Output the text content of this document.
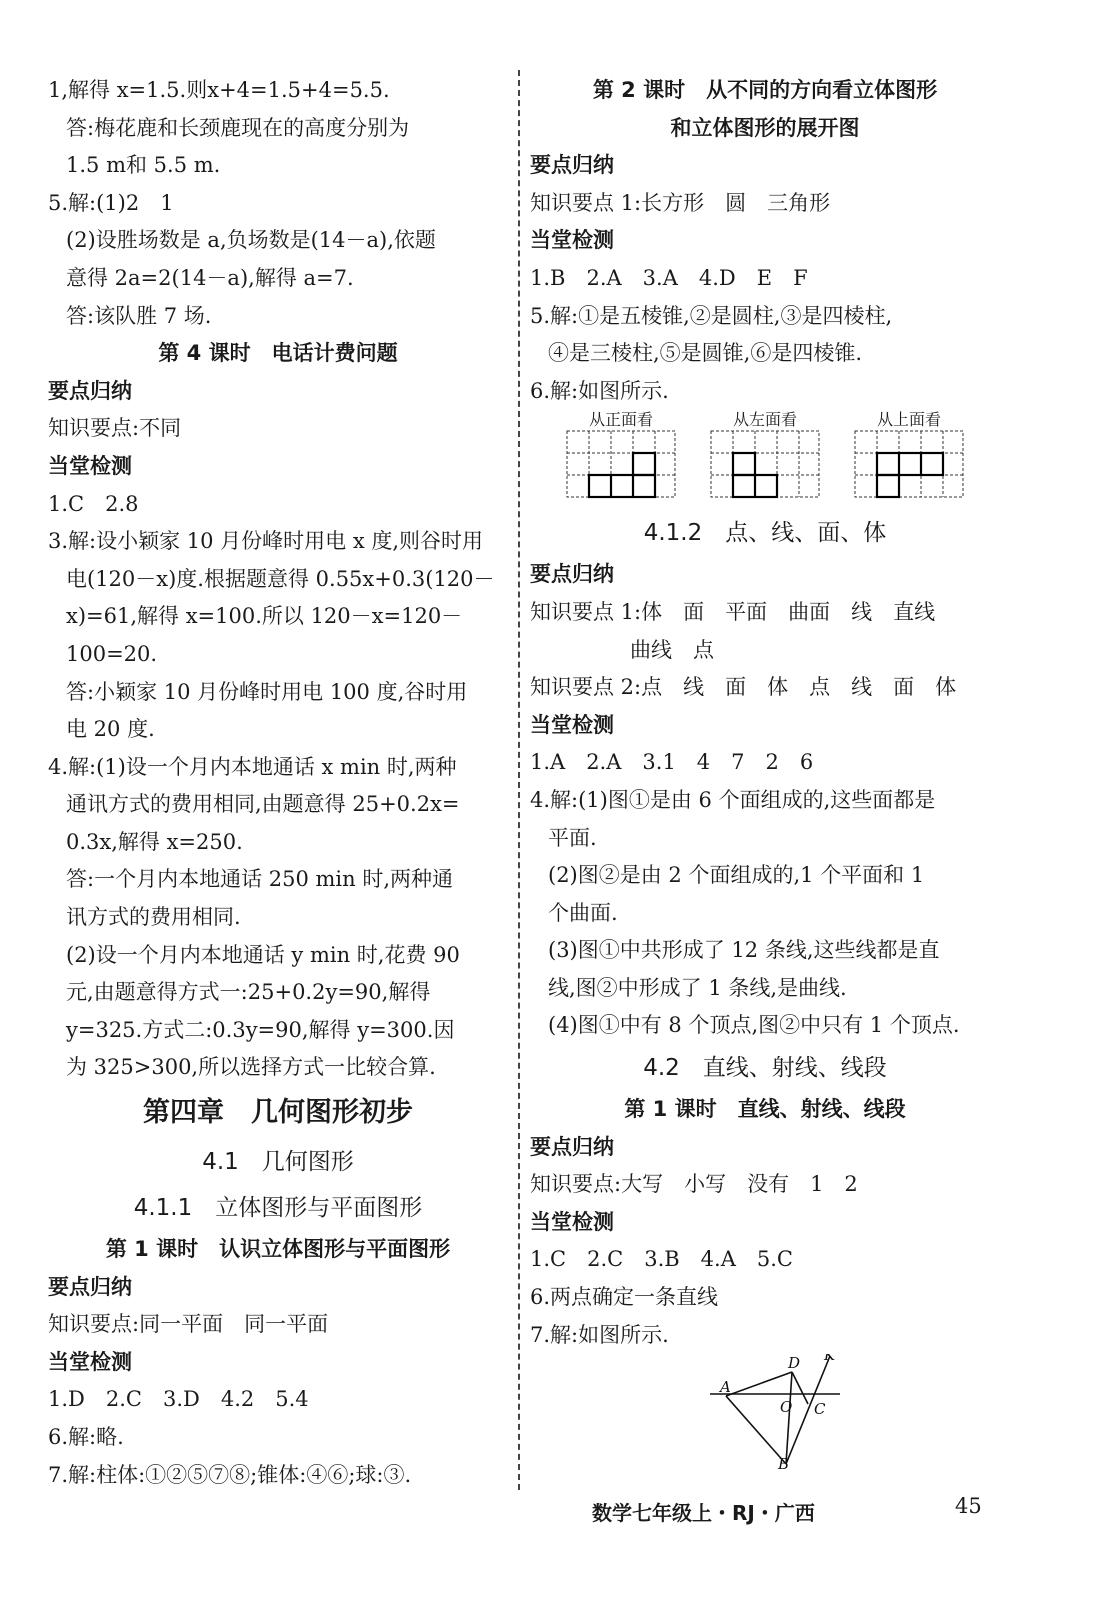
1,解得 x=1.5.则x+4=1.5+4=5.5.
答:梅花鹿和长颈鹿现在的高度分别为
1.5 m和 5.5 m.
5.解:(1)2　1
(2)设胜场数是 a,负场数是(14－a),依题
意得 2a=2(14－a),解得 a=7.
答:该队胜 7 场.
第 4 课时　电话计费问题
要点归纳
知识要点:不同
当堂检测
1.C　2.8
3.解:设小颖家 10 月份峰时用电 x 度,则谷时用
电(120－x)度.根据题意得 0.55x+0.3(120－
x)=61,解得 x=100.所以 120－x=120－
100=20.
答:小颖家 10 月份峰时用电 100 度,谷时用
电 20 度.
4.解:(1)设一个月内本地通话 x min 时,两种
通讯方式的费用相同,由题意得 25+0.2x=
0.3x,解得 x=250.
答:一个月内本地通话 250 min 时,两种通
讯方式的费用相同.
(2)设一个月内本地通话 y min 时,花费 90
元,由题意得方式一:25+0.2y=90,解得
y=325.方式二:0.3y=90,解得 y=300.因
为 325>300,所以选择方式一比较合算.
第四章　几何图形初步
4.1　几何图形
4.1.1　立体图形与平面图形
第 1 课时　认识立体图形与平面图形
要点归纳
知识要点:同一平面　同一平面
当堂检测
1.D　2.C　3.D　4.2　5.4
6.解:略.
7.解:柱体:①②⑤⑦⑧;锥体:④⑥;球:③.
第 2 课时　从不同的方向看立体图形
和立体图形的展开图
要点归纳
知识要点 1:长方形　圆　三角形
当堂检测
1.B　2.A　3.A　4.D　E　F
5.解:①是五棱锥,②是圆柱,③是四棱柱,
④是三棱柱,⑤是圆锥,⑥是四棱锥.
6.解:如图所示.
从正面看	从左面看	从上面看
4.1.2　点、线、面、体
要点归纳
知识要点 1:体　面　平面　曲面　线　直线
曲线　点
知识要点 2:点　线　面　体　点　线　面　体
当堂检测
1.A　2.A　3.1　4　7　2　6
4.解:(1)图①是由 6 个面组成的,这些面都是
平面.
(2)图②是由 2 个面组成的,1 个平面和 1
个曲面.
(3)图①中共形成了 12 条线,这些线都是直
线,图②中形成了 1 条线,是曲线.
(4)图①中有 8 个顶点,图②中只有 1 个顶点.
4.2　直线、射线、线段
第 1 课时　直线、射线、线段
要点归纳
知识要点:大写　小写　没有　1　2
当堂检测
1.C　2.C　3.B　4.A　5.C
6.两点确定一条直线
7.解:如图所示.
A
B
C
D K
O
数学七年级上・RJ・广西	45
